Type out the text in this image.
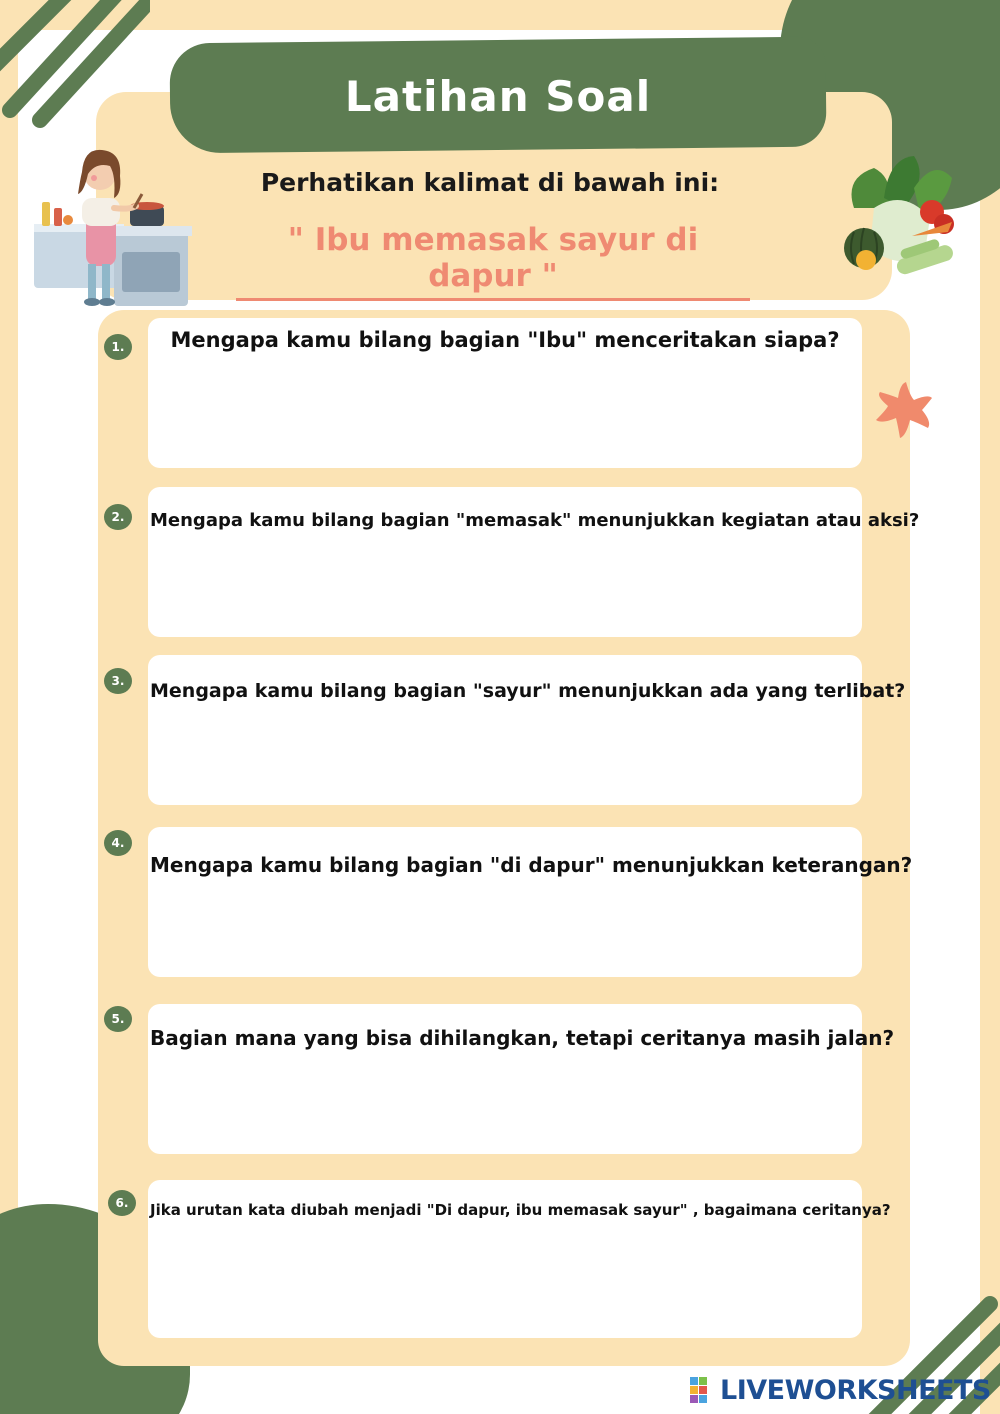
Latihan Soal
Perhatikan kalimat di bawah ini:
" Ibu memasak sayur di dapur "
1.	Mengapa kamu bilang bagian "Ibu" menceritakan siapa?
2.	Mengapa kamu bilang bagian "memasak" menunjukkan kegiatan atau aksi?
3.	Mengapa kamu bilang bagian "sayur" menunjukkan ada yang terlibat?
4.
Mengapa kamu bilang bagian "di dapur" menunjukkan keterangan?
5.
Bagian mana yang bisa dihilangkan, tetapi ceritanya masih jalan?
6.	Jika urutan kata diubah menjadi "Di dapur, ibu memasak sayur" , bagaimana ceritanya?
LIVEWORKSHEETS
